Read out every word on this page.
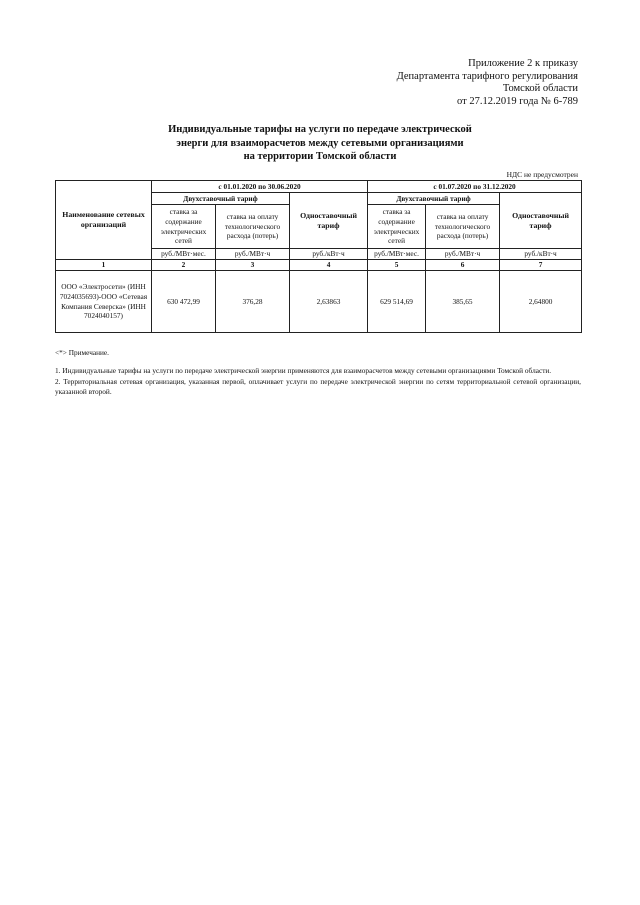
Приложение 2 к приказу
Департамента тарифного регулирования
Томской области
от 27.12.2019 года № 6-789
Индивидуальные тарифы на услуги по передаче электрической
энерги для взаиморасчетов между сетевыми организациями
на территории Томской области
НДС не предусмотрен
Наименование сетевых организаций	с 01.01.2020 по 30.06.2020			с 01.07.2020 по 31.12.2020		
	Двухставочный тариф		Одноставочный тариф	Двухставочный тариф		Одноставочный тариф
	ставка за содержание электрических сетей	ставка на оплату технологического расхода (потерь)		ставка за содержание электрических сетей	ставка на оплату технологического расхода (потерь)	
	руб./МВт·мес.	руб./МВт·ч	руб./кВт·ч	руб./МВт·мес.	руб./МВт·ч	руб./кВт·ч
1	2	3	4	5	6	7
ООО «Электросети» (ИНН 7024035693)-ООО «Сетевая Компания Северска» (ИНН 7024040157)	630 472,99	376,28	2,63863	629 514,69	385,65	2,64800

<*> Примечание.

1. Индивидуальные тарифы на услуги по передаче электрической энергии применяются для взаиморасчетов между сетевыми организациями Томской области.

2. Территориальная сетевая организация, указанная первой, оплачивает услуги по передаче электрической энергии по сетям территориальной сетевой организации, указанной второй.
